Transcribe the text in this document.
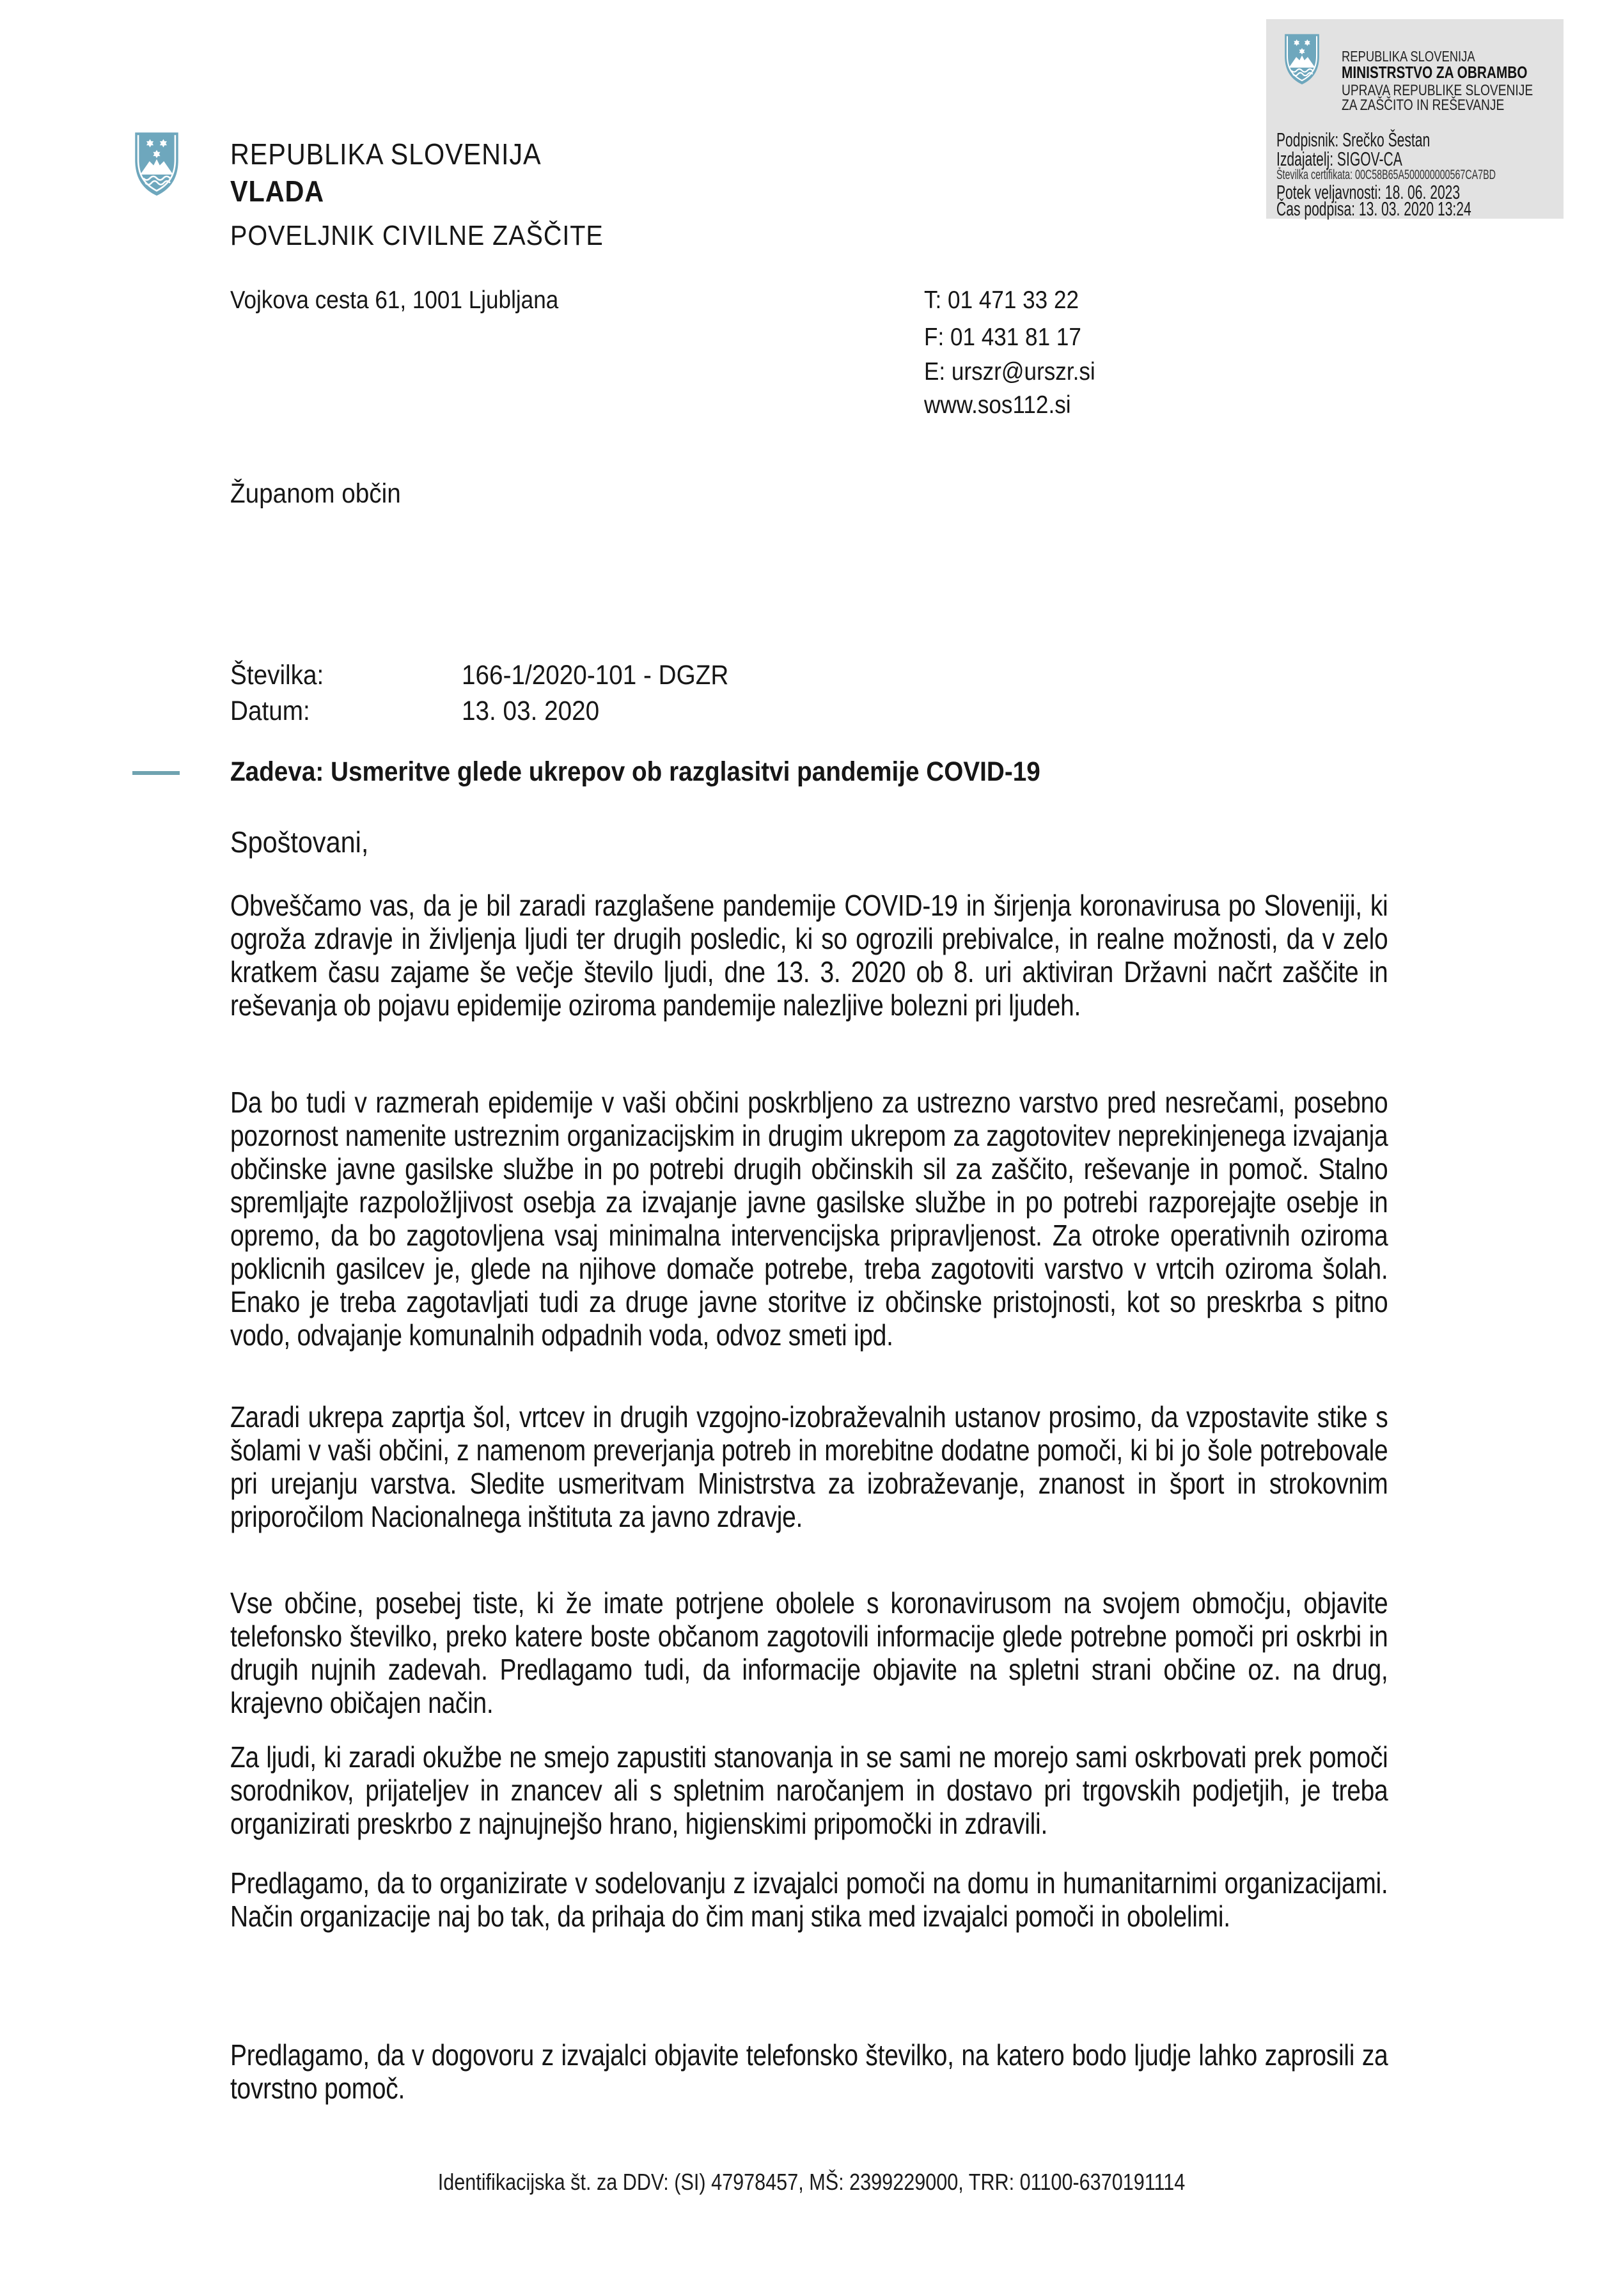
REPUBLIKA SLOVENIJA
VLADA
POVELJNIK CIVILNE ZAŠČITE
Vojkova cesta 61, 1001 Ljubljana	T: 01 471 33 22
F: 01 431 81 17
E: urszr@urszr.si
www.sos112.si
REPUBLIKA SLOVENIJA
MINISTRSTVO ZA OBRAMBO
UPRAVA REPUBLIKE SLOVENIJE
ZA ZAŠČITO IN REŠEVANJE
Podpisnik: Srečko Šestan
Izdajatelj: SIGOV-CA
Številka certifikata: 00C58B65A500000000567CA7BD
Potek veljavnosti: 18. 06. 2023
Čas podpisa: 13. 03. 2020 13:24
Županom občin
Številka:	166-1/2020-101 - DGZR
Datum:	13. 03. 2020
Zadeva: Usmeritve glede ukrepov ob razglasitvi pandemije COVID-19
Spoštovani,
Obveščamo vas, da je bil zaradi razglašene pandemije COVID-19 in širjenja koronavirusa po Sloveniji, ki ogroža zdravje in življenja ljudi ter drugih posledic, ki so ogrozili prebivalce, in realne možnosti, da v zelo kratkem času zajame še večje število ljudi, dne 13. 3. 2020 ob 8. uri aktiviran Državni načrt zaščite in reševanja ob pojavu epidemije oziroma pandemije nalezljive bolezni pri ljudeh.
Da bo tudi v razmerah epidemije v vaši občini poskrbljeno za ustrezno varstvo pred nesrečami, posebno pozornost namenite ustreznim organizacijskim in drugim ukrepom za zagotovitev neprekinjenega izvajanja občinske javne gasilske službe in po potrebi drugih občinskih sil za zaščito, reševanje in pomoč. Stalno spremljajte razpoložljivost osebja za izvajanje javne gasilske službe in po potrebi razporejajte osebje in opremo, da bo zagotovljena vsaj minimalna intervencijska pripravljenost. Za otroke operativnih oziroma poklicnih gasilcev je, glede na njihove domače potrebe, treba zagotoviti varstvo v vrtcih oziroma šolah. Enako je treba zagotavljati tudi za druge javne storitve iz občinske pristojnosti, kot so preskrba s pitno vodo, odvajanje komunalnih odpadnih voda, odvoz smeti ipd.
Zaradi ukrepa zaprtja šol, vrtcev in drugih vzgojno-izobraževalnih ustanov prosimo, da vzpostavite stike s šolami v vaši občini, z namenom preverjanja potreb in morebitne dodatne pomoči, ki bi jo šole potrebovale pri urejanju varstva. Sledite usmeritvam Ministrstva za izobraževanje, znanost in šport in strokovnim priporočilom Nacionalnega inštituta za javno zdravje.
Vse občine, posebej tiste, ki že imate potrjene obolele s koronavirusom na svojem območju, objavite telefonsko številko, preko katere boste občanom zagotovili informacije glede potrebne pomoči pri oskrbi in drugih nujnih zadevah. Predlagamo tudi, da informacije objavite na spletni strani občine oz. na drug, krajevno običajen način.
Za ljudi, ki zaradi okužbe ne smejo zapustiti stanovanja in se sami ne morejo sami oskrbovati prek pomoči sorodnikov, prijateljev in znancev ali s spletnim naročanjem in dostavo pri trgovskih podjetjih, je treba organizirati preskrbo z najnujnejšo hrano, higienskimi pripomočki in zdravili.
Predlagamo, da to organizirate v sodelovanju z izvajalci pomoči na domu in humanitarnimi organizacijami. Način organizacije naj bo tak, da prihaja do čim manj stika med izvajalci pomoči in obolelimi.
Predlagamo, da v dogovoru z izvajalci objavite telefonsko številko, na katero bodo ljudje lahko zaprosili za tovrstno pomoč.
Identifikacijska št. za DDV: (SI) 47978457, MŠ: 2399229000, TRR: 01100-6370191114
